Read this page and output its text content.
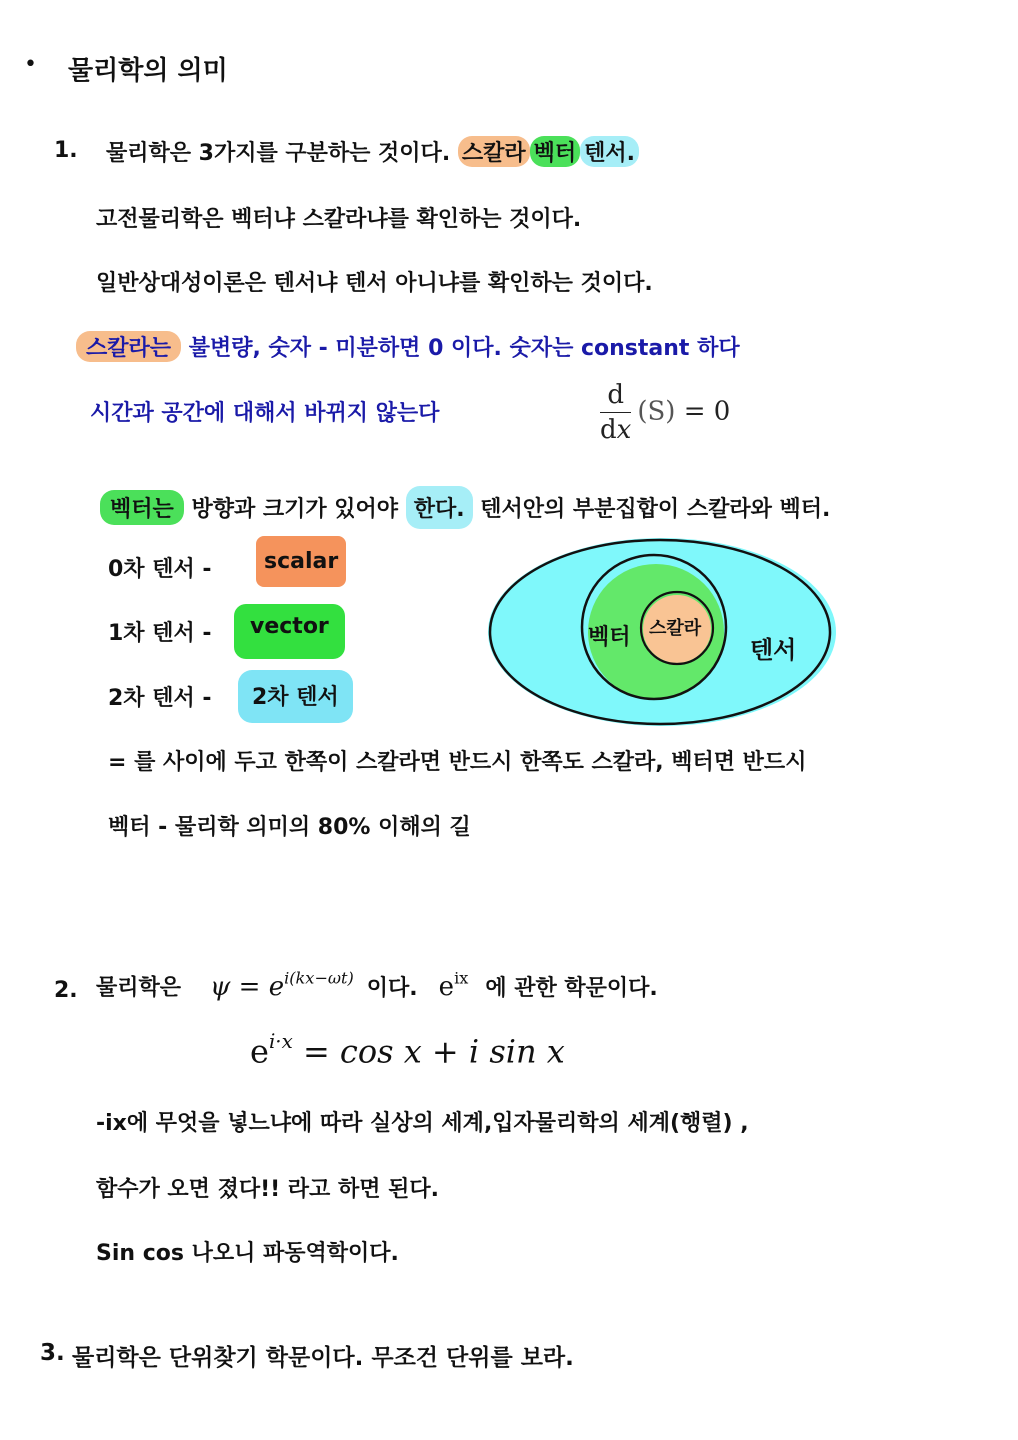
• 물리학의 의미
1. 물리학은 3가지를 구분하는 것이다. 스칼라 벡터 텐서.
고전물리학은 벡터냐 스칼라냐를 확인하는 것이다.
일반상대성이론은 텐서냐 텐서 아니냐를 확인하는 것이다.
스칼라는 불변량, 숫자 - 미분하면 0 이다. 숫자는 constant 하다
시간과 공간에 대해서 바뀌지 않는다	$\frac{d}{dx} (S) = 0$
벡터는 방향과 크기가 있어야 한다. 텐서안의 부분집합이 스칼라와 벡터.
0차 텐서 -	scalar
1차 텐서 -	vector
2차 텐서 -	2차 텐서
텐서
벡터 스칼라
= 를 사이에 두고 한쪽이 스칼라면 반드시 한쪽도 스칼라, 벡터면 반드시
벡터 - 물리학 의미의 80% 이해의 길
2. 물리학은 $\psi = e^{i(kx-\omega t)}$ 이다. $e^{ix}$ 에 관한 학문이다.
$e^{i\cdot x} = \cos x + i$ sin x
-ix에 무엇을 넣느냐에 따라 실상의 세계,입자물리학의 세계(행렬) ,
함수가 오면 졌다!! 라고 하면 된다.
Sin cos 나오니 파동역학이다.
3. 물리학은 단위찾기 학문이다. 무조건 단위를 보라.
